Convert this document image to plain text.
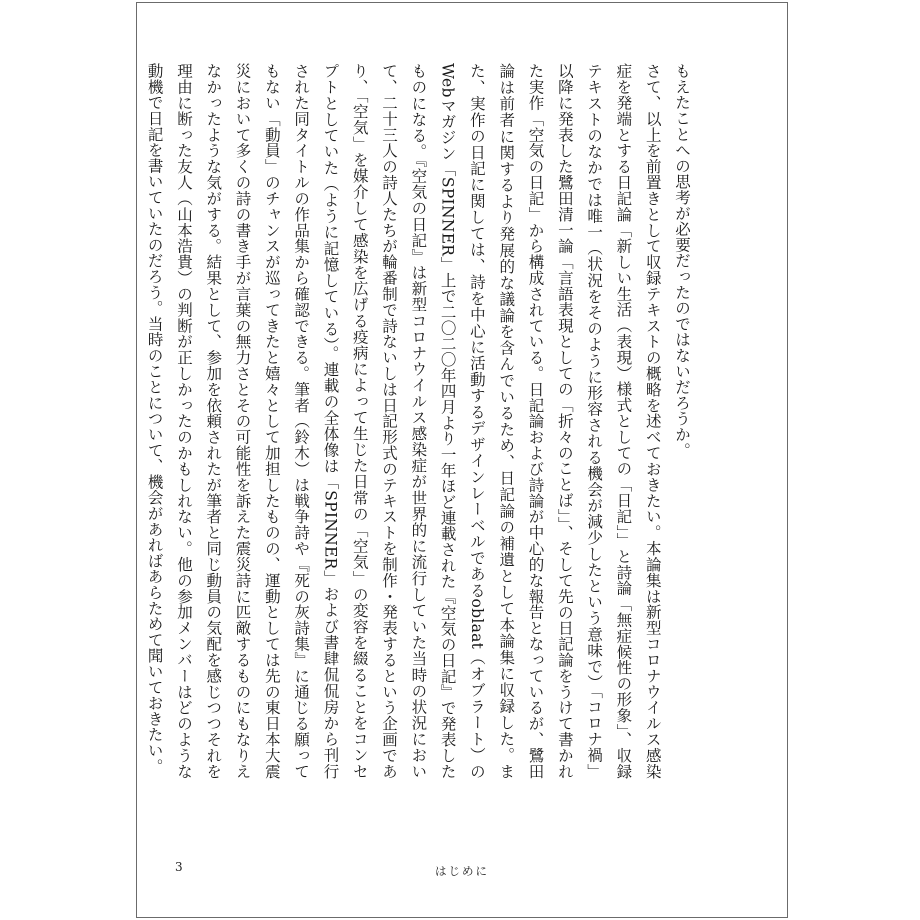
もえたことへの思考が必要だったのではないだろうか。

さて、以上を前置きとして収録テキストの概略を述べておきたい。本論集は新型コロナウイルス感染症を発端とする日記論「新しい生活（表現）様式としての「日記」」と詩論「無症候性の形象」、収録テキストのなかでは唯一（状況をそのように形容される機会が減少したという意味で）「コロナ禍」以降に発表した鷺田清一論「言語表現としての「折々のことば」」、そして先の日記論をうけて書かれた実作「空気の日記」から構成されている。日記論および詩論が中心的な報告となっているが、鷺田論は前者に関するより発展的な議論を含んでいるため、日記論の補遺として本論集に収録した。また、実作の日記に関しては、詩を中心に活動するデザインレーベルであるoblaat（オブラート）のWebマガジン「SPINNER」上で二〇二〇年四月より一年ほど連載された『空気の日記』で発表したものになる。『空気の日記』は新型コロナウイルス感染症が世界的に流行していた当時の状況において、二十三人の詩人たちが輪番制で詩ないしは日記形式のテキストを制作・発表するという企画であり、「空気」を媒介して感染を広げる疫病によって生じた日常の「空気」の変容を綴ることをコンセプトとしていた（ように記憶している）。連載の全体像は「SPINNER」および書肆侃侃房から刊行された同タイトルの作品集から確認できる。筆者（鈴木）は戦争詩や『死の灰詩集』に通じる願ってもない「動員」のチャンスが巡ってきたと嬉々として加担したものの、運動としては先の東日本大震災において多くの詩の書き手が言葉の無力さとその可能性を訴えた震災詩に匹敵するものにもなりえなかったような気がする。結果として、参加を依頼されたが筆者と同じ動員の気配を感じつつそれを理由に断った友人（山本浩貴）の判断が正しかったのかもしれない。他の参加メンバーはどのような動機で日記を書いていたのだろう。当時のことについて、機会があればあらためて聞いておきたい。

3	はじめに
